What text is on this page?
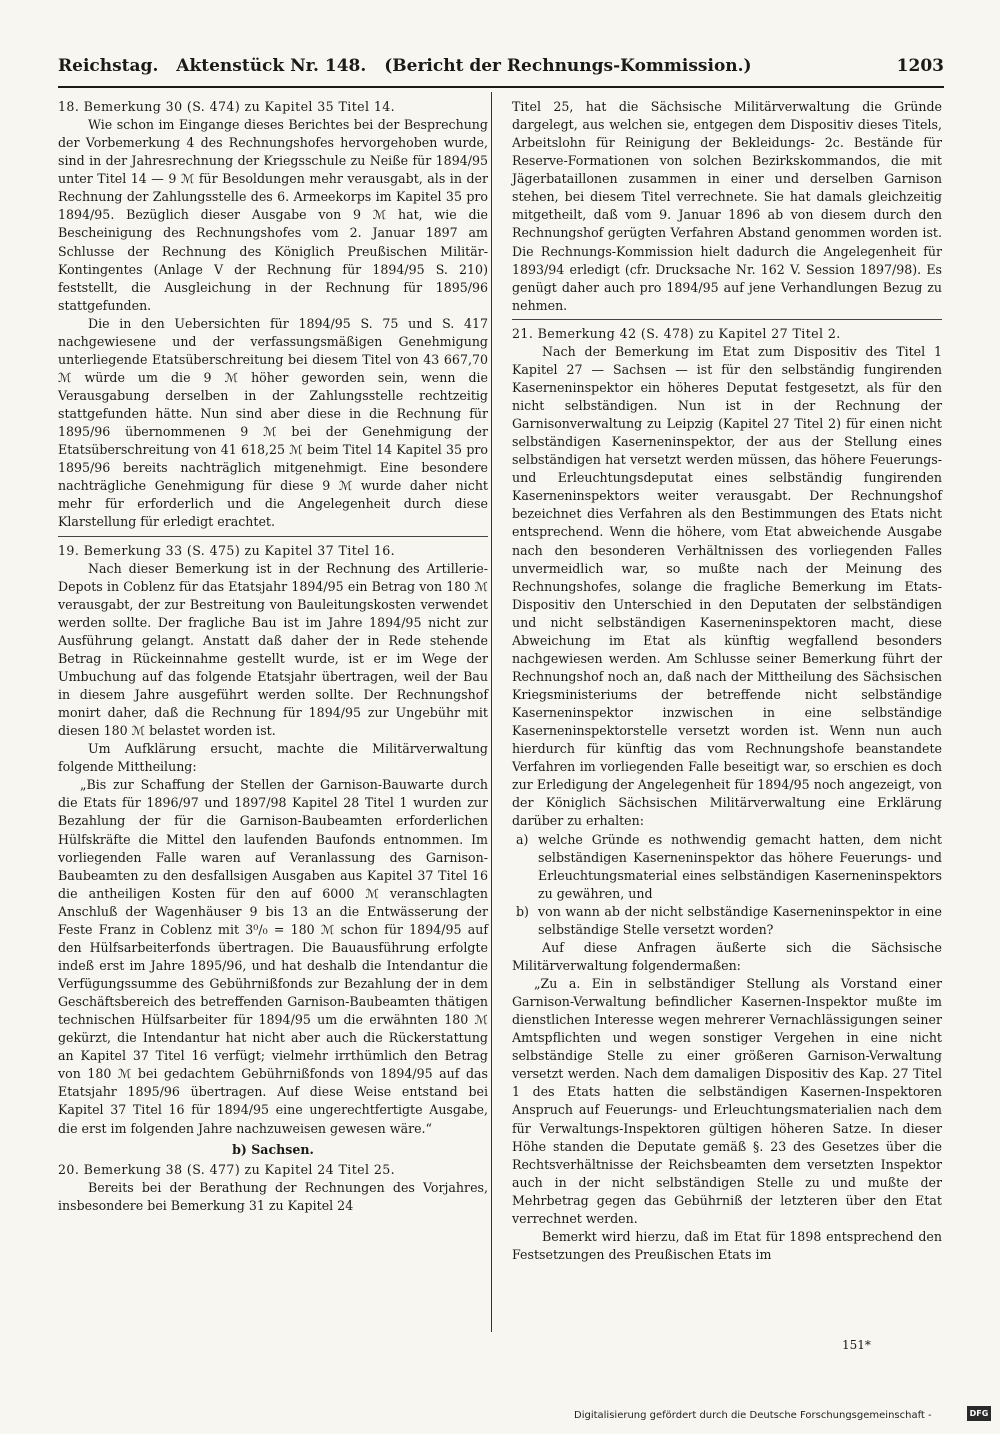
Reichstag. Aktenstück Nr. 148. (Bericht der Rechnungs-Kommission.)	1203

18. Bemerkung 30 (S. 474) zu Kapitel 35 Titel 14.

Wie schon im Eingange dieses Berichtes bei der Besprechung der Vorbemerkung 4 des Rechnungshofes hervorgehoben wurde, sind in der Jahresrechnung der Kriegsschule zu Neiße für 1894/95 unter Titel 14 — 9 ℳ für Besoldungen mehr verausgabt, als in der Rechnung der Zahlungsstelle des 6. Armeekorps im Kapitel 35 pro 1894/95. Bezüglich dieser Ausgabe von 9 ℳ hat, wie die Bescheinigung des Rechnungshofes vom 2. Januar 1897 am Schlusse der Rechnung des Königlich Preußischen Militär-Kontingentes (Anlage V der Rechnung für 1894/95 S. 210) feststellt, die Ausgleichung in der Rechnung für 1895/96 stattgefunden.

Die in den Uebersichten für 1894/95 S. 75 und S. 417 nachgewiesene und der verfassungsmäßigen Genehmigung unterliegende Etatsüberschreitung bei diesem Titel von 43 667,70 ℳ würde um die 9 ℳ höher geworden sein, wenn die Verausgabung derselben in der Zahlungsstelle rechtzeitig stattgefunden hätte. Nun sind aber diese in die Rechnung für 1895/96 übernommenen 9 ℳ bei der Genehmigung der Etatsüberschreitung von 41 618,25 ℳ beim Titel 14 Kapitel 35 pro 1895/96 bereits nachträglich mitgenehmigt. Eine besondere nachträgliche Genehmigung für diese 9 ℳ wurde daher nicht mehr für erforderlich und die Angelegenheit durch diese Klarstellung für erledigt erachtet.

19. Bemerkung 33 (S. 475) zu Kapitel 37 Titel 16.

Nach dieser Bemerkung ist in der Rechnung des Artillerie-Depots in Coblenz für das Etatsjahr 1894/95 ein Betrag von 180 ℳ verausgabt, der zur Bestreitung von Bauleitungskosten verwendet werden sollte. Der fragliche Bau ist im Jahre 1894/95 nicht zur Ausführung gelangt. Anstatt daß daher der in Rede stehende Betrag in Rückeinnahme gestellt wurde, ist er im Wege der Umbuchung auf das folgende Etatsjahr übertragen, weil der Bau in diesem Jahre ausgeführt werden sollte. Der Rechnungshof monirt daher, daß die Rechnung für 1894/95 zur Ungebühr mit diesen 180 ℳ belastet worden ist.

Um Aufklärung ersucht, machte die Militärverwaltung folgende Mittheilung:

„Bis zur Schaffung der Stellen der Garnison-Bauwarte durch die Etats für 1896/97 und 1897/98 Kapitel 28 Titel 1 wurden zur Bezahlung der für die Garnison-Baubeamten erforderlichen Hülfskräfte die Mittel den laufenden Baufonds entnommen. Im vorliegenden Falle waren auf Veranlassung des Garnison-Baubeamten zu den desfallsigen Ausgaben aus Kapitel 37 Titel 16 die antheiligen Kosten für den auf 6000 ℳ veranschlagten Anschluß der Wagenhäuser 9 bis 13 an die Entwässerung der Feste Franz in Coblenz mit 3⁰/₀ = 180 ℳ schon für 1894/95 auf den Hülfsarbeiterfonds übertragen. Die Bauausführung erfolgte indeß erst im Jahre 1895/96, und hat deshalb die Intendantur die Verfügungssumme des Gebührnißfonds zur Bezahlung der in dem Geschäftsbereich des betreffenden Garnison-Baubeamten thätigen technischen Hülfsarbeiter für 1894/95 um die erwähnten 180 ℳ gekürzt, die Intendantur hat nicht aber auch die Rückerstattung an Kapitel 37 Titel 16 verfügt; vielmehr irrthümlich den Betrag von 180 ℳ bei gedachtem Gebührnißfonds von 1894/95 auf das Etatsjahr 1895/96 übertragen. Auf diese Weise entstand bei Kapitel 37 Titel 16 für 1894/95 eine ungerechtfertigte Ausgabe, die erst im folgenden Jahre nachzuweisen gewesen wäre.“

b) Sachsen.

20. Bemerkung 38 (S. 477) zu Kapitel 24 Titel 25.

Bereits bei der Berathung der Rechnungen des Vorjahres, insbesondere bei Bemerkung 31 zu Kapitel 24

Titel 25, hat die Sächsische Militärverwaltung die Gründe dargelegt, aus welchen sie, entgegen dem Dispositiv dieses Titels, Arbeitslohn für Reinigung der Bekleidungs- 2c. Bestände für Reserve-Formationen von solchen Bezirkskommandos, die mit Jägerbataillonen zusammen in einer und derselben Garnison stehen, bei diesem Titel verrechnete. Sie hat damals gleichzeitig mitgetheilt, daß vom 9. Januar 1896 ab von diesem durch den Rechnungshof gerügten Verfahren Abstand genommen worden ist. Die Rechnungs-Kommission hielt dadurch die Angelegenheit für 1893/94 erledigt (cfr. Drucksache Nr. 162 V. Session 1897/98). Es genügt daher auch pro 1894/95 auf jene Verhandlungen Bezug zu nehmen.

21. Bemerkung 42 (S. 478) zu Kapitel 27 Titel 2.

Nach der Bemerkung im Etat zum Dispositiv des Titel 1 Kapitel 27 — Sachsen — ist für den selbständig fungirenden Kaserneninspektor ein höheres Deputat festgesetzt, als für den nicht selbständigen. Nun ist in der Rechnung der Garnisonverwaltung zu Leipzig (Kapitel 27 Titel 2) für einen nicht selbständigen Kaserneninspektor, der aus der Stellung eines selbständigen hat versetzt werden müssen, das höhere Feuerungs- und Erleuchtungsdeputat eines selbständig fungirenden Kaserneninspektors weiter verausgabt. Der Rechnungshof bezeichnet dies Verfahren als den Bestimmungen des Etats nicht entsprechend. Wenn die höhere, vom Etat abweichende Ausgabe nach den besonderen Verhältnissen des vorliegenden Falles unvermeidlich war, so mußte nach der Meinung des Rechnungshofes, solange die fragliche Bemerkung im Etats-Dispositiv den Unterschied in den Deputaten der selbständigen und nicht selbständigen Kaserneninspektoren macht, diese Abweichung im Etat als künftig wegfallend besonders nachgewiesen werden. Am Schlusse seiner Bemerkung führt der Rechnungshof noch an, daß nach der Mittheilung des Sächsischen Kriegsministeriums der betreffende nicht selbständige Kaserneninspektor inzwischen in eine selbständige Kaserneninspektorstelle versetzt worden ist. Wenn nun auch hierdurch für künftig das vom Rechnungshofe beanstandete Verfahren im vorliegenden Falle beseitigt war, so erschien es doch zur Erledigung der Angelegenheit für 1894/95 noch angezeigt, von der Königlich Sächsischen Militärverwaltung eine Erklärung darüber zu erhalten:

a) welche Gründe es nothwendig gemacht hatten, dem nicht selbständigen Kaserneninspektor das höhere Feuerungs- und Erleuchtungsmaterial eines selbständigen Kaserneninspektors zu gewähren, und
b) von wann ab der nicht selbständige Kaserneninspektor in eine selbständige Stelle versetzt worden?

Auf diese Anfragen äußerte sich die Sächsische Militärverwaltung folgendermaßen:

„Zu a. Ein in selbständiger Stellung als Vorstand einer Garnison-Verwaltung befindlicher Kasernen-Inspektor mußte im dienstlichen Interesse wegen mehrerer Vernachlässigungen seiner Amtspflichten und wegen sonstiger Vergehen in eine nicht selbständige Stelle zu einer größeren Garnison-Verwaltung versetzt werden. Nach dem damaligen Dispositiv des Kap. 27 Titel 1 des Etats hatten die selbständigen Kasernen-Inspektoren Anspruch auf Feuerungs- und Erleuchtungsmaterialien nach dem für Verwaltungs-Inspektoren gültigen höheren Satze. In dieser Höhe standen die Deputate gemäß §. 23 des Gesetzes über die Rechtsverhältnisse der Reichsbeamten dem versetzten Inspektor auch in der nicht selbständigen Stelle zu und mußte der Mehrbetrag gegen das Gebührniß der letzteren über den Etat verrechnet werden.

Bemerkt wird hierzu, daß im Etat für 1898 entsprechend den Festsetzungen des Preußischen Etats im

151*
Digitalisierung gefördert durch die Deutsche Forschungsgemeinschaft -	DFG
